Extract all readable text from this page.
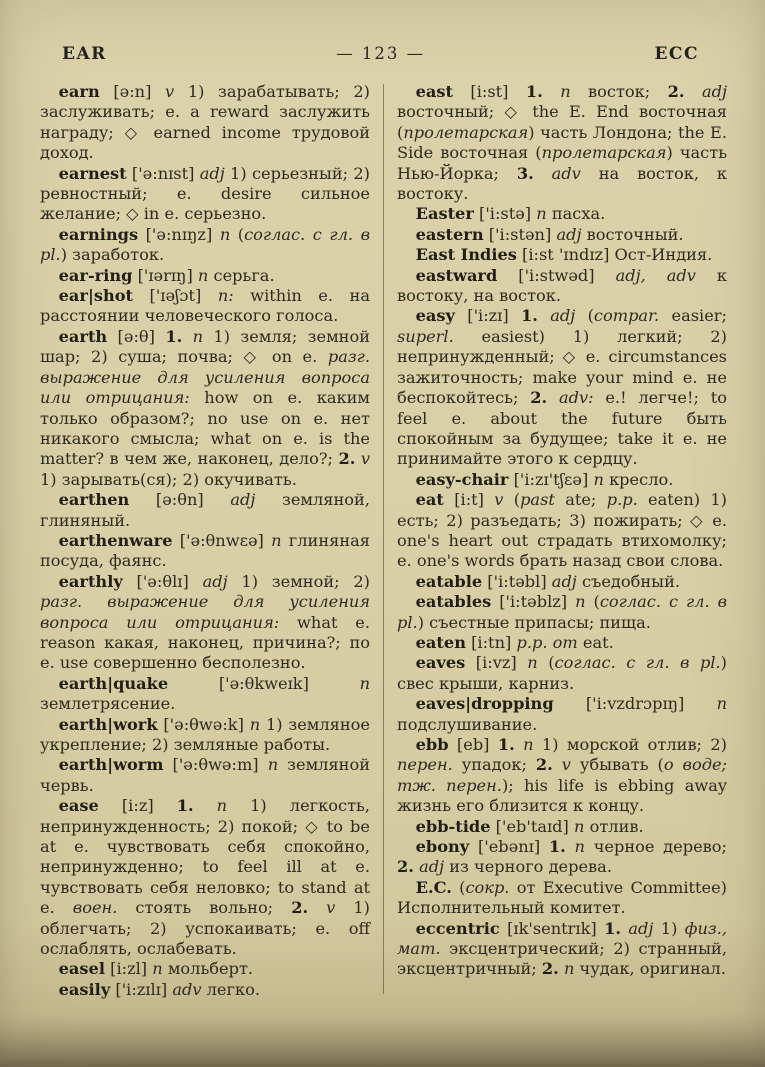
EAR	— 123 —	ECC

earn [ə:n] v 1) зарабатывать; 2) заслуживать; e. a reward заслужить награду; ◇ earned income трудовой доход.

earnest ['ə:nɪst] adj 1) серьезный; 2) ревностный; e. desire сильное желание; ◇ in e. серьезно.

earnings ['ə:nɪŋz] n (соглас. с гл. в pl.) заработок.

ear-ring ['ɪərɪŋ] n серьга.

ear|shot ['ɪəʃɔt] n: within e. на расстоянии человеческого голоса.

earth [ə:θ] 1. n 1) земля; земной шар; 2) суша; почва; ◇ on e. разг. выражение для усиления вопроса или отрицания: how on e. каким только образом?; no use on e. нет никакого смысла; what on e. is the matter? в чем же, наконец, дело?; 2. v 1) зарывать(ся); 2) окучивать.

earthen [ə:θn] adj земляной, глиняный.

earthenware ['ə:θnwɛə] n глиняная посуда, фаянс.

earthly ['ə:θlɪ] adj 1) земной; 2) разг. выражение для усиления вопроса или отрицания: what e. reason какая, наконец, причина?; по e. use совершенно бесполезно.

earth|quake ['ə:θkweɪk] n землетрясение.

earth|work ['ə:θwə:k] n 1) земляное укрепление; 2) земляные работы.

earth|worm ['ə:θwə:m] n земляной червь.

ease [i:z] 1. n 1) легкость, непринужденность; 2) покой; ◇ to be at e. чувствовать себя спокойно, непринужденно; to feel ill at e. чувствовать себя неловко; to stand at e. воен. стоять вольно; 2. v 1) облегчать; 2) успокаивать; e. off ослаблять, ослабевать.

easel [i:zl] n мольберт.

easily ['i:zɪlɪ] adv легко.

east [i:st] 1. n восток; 2. adj восточный; ◇ the E. End восточная (пролетарская) часть Лондона; the E. Side восточная (пролетарская) часть Нью-Йорка; 3. adv на восток, к востоку.

Easter ['i:stə] n пасха.

eastern ['i:stən] adj восточный.

East Indies [i:st 'ɪndɪz] Ост-Индия.

eastward ['i:stwəd] adj, adv к востоку, на восток.

easy ['i:zɪ] 1. adj (compar. easier; superl. easiest) 1) легкий; 2) непринужденный; ◇ e. circumstances зажиточность; make your mind e. не беспокойтесь; 2. adv: e.! легче!; to feel e. about the future быть спокойным за будущее; take it e. не принимайте этого к сердцу.

easy-chair ['i:zɪ'tʃɛə] n кресло.

eat [i:t] v (past ate; p.p. eaten) 1) есть; 2) разъедать; 3) пожирать; ◇ e. one's heart out страдать втихомолку; e. one's words брать назад свои слова.

eatable ['i:təbl] adj съедобный.

eatables ['i:təblz] n (соглас. с гл. в pl.) съестные припасы; пища.

eaten [i:tn] p.p. от eat.

eaves [i:vz] n (соглас. с гл. в pl.) свес крыши, карниз.

eaves|dropping ['i:vzdrɔpɪŋ] n подслушивание.

ebb [eb] 1. n 1) морской отлив; 2) перен. упадок; 2. v убывать (о воде; тж. перен.); his life is ebbing away жизнь его близится к концу.

ebb-tide ['eb'taɪd] n отлив.

ebony ['ebənɪ] 1. n черное дерево; 2. adj из черного дерева.

E.C. (сокр. от Executive Committee) Исполнительный комитет.

eccentric [ɪk'sentrɪk] 1. adj 1) физ., мат. эксцентрический; 2) странный, эксцентричный; 2. n чудак, оригинал.
